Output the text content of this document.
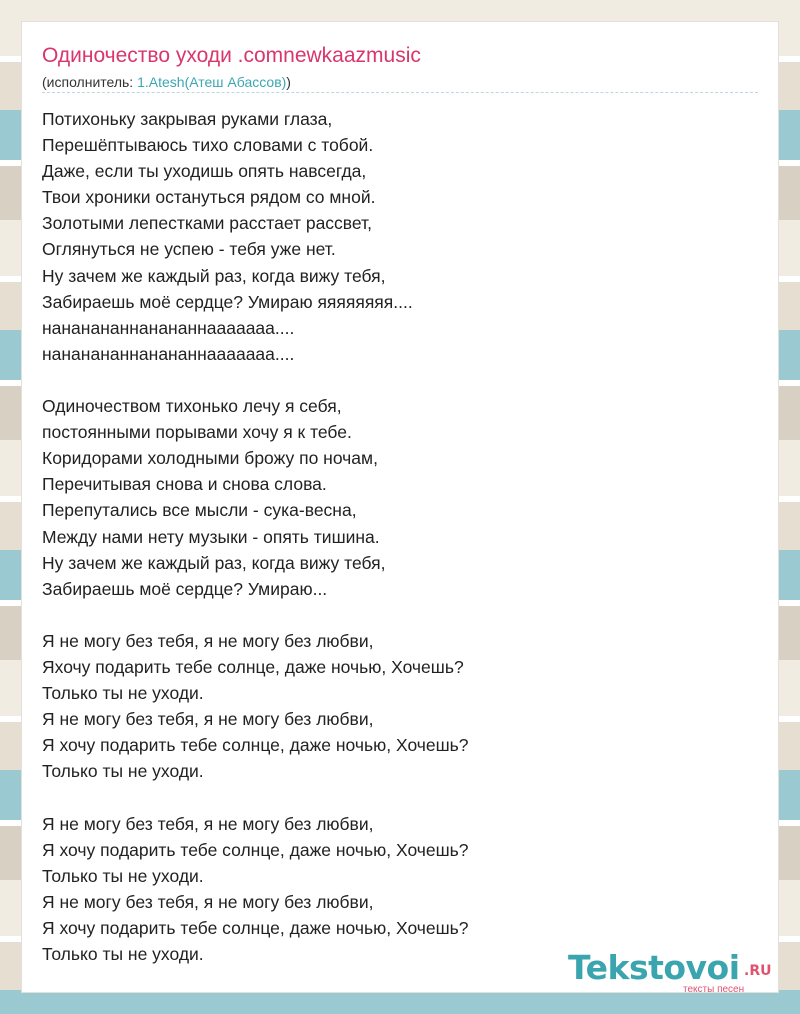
Одиночество уходи .comnewkaazmusic
(исполнитель: 1.Atesh(Атеш Абассов))
Потихоньку закрывая руками глаза,
Перешёптываюсь тихо словами с тобой.
Даже, если ты уходишь опять навсегда,
Твои хроники остануться рядом со мной.
Золотыми лепестками расстает рассвет,
Оглянуться не успею - тебя уже нет.
Ну зачем же каждый раз, когда вижу тебя,
Забираешь моё сердце? Умираю яяяяяяяя....
нананананнанананнааааааа....
нананананнанананнааааааа....
Одиночеством тихонько лечу я себя,
постоянными порывами хочу я к тебе.
Коридорами холодными брожу по ночам,
Перечитывая снова и снова слова.
Перепутались все мысли - сука-весна,
Между нами нету музыки - опять тишина.
Ну зачем же каждый раз, когда вижу тебя,
Забираешь моё сердце? Умираю...
Я не могу без тебя, я не могу без любви,
Яхочу подарить тебе солнце, даже ночью, Хочешь?
Только ты не уходи.
Я не могу без тебя, я не могу без любви,
Я хочу подарить тебе солнце, даже ночью, Хочешь?
Только ты не уходи.
Я не могу без тебя, я не могу без любви,
Я хочу подарить тебе солнце, даже ночью, Хочешь?
Только ты не уходи.
Я не могу без тебя, я не могу без любви,
Я хочу подарить тебе солнце, даже ночью, Хочешь?
Только ты не уходи.	Tekstovoi .RU
тексты песен
